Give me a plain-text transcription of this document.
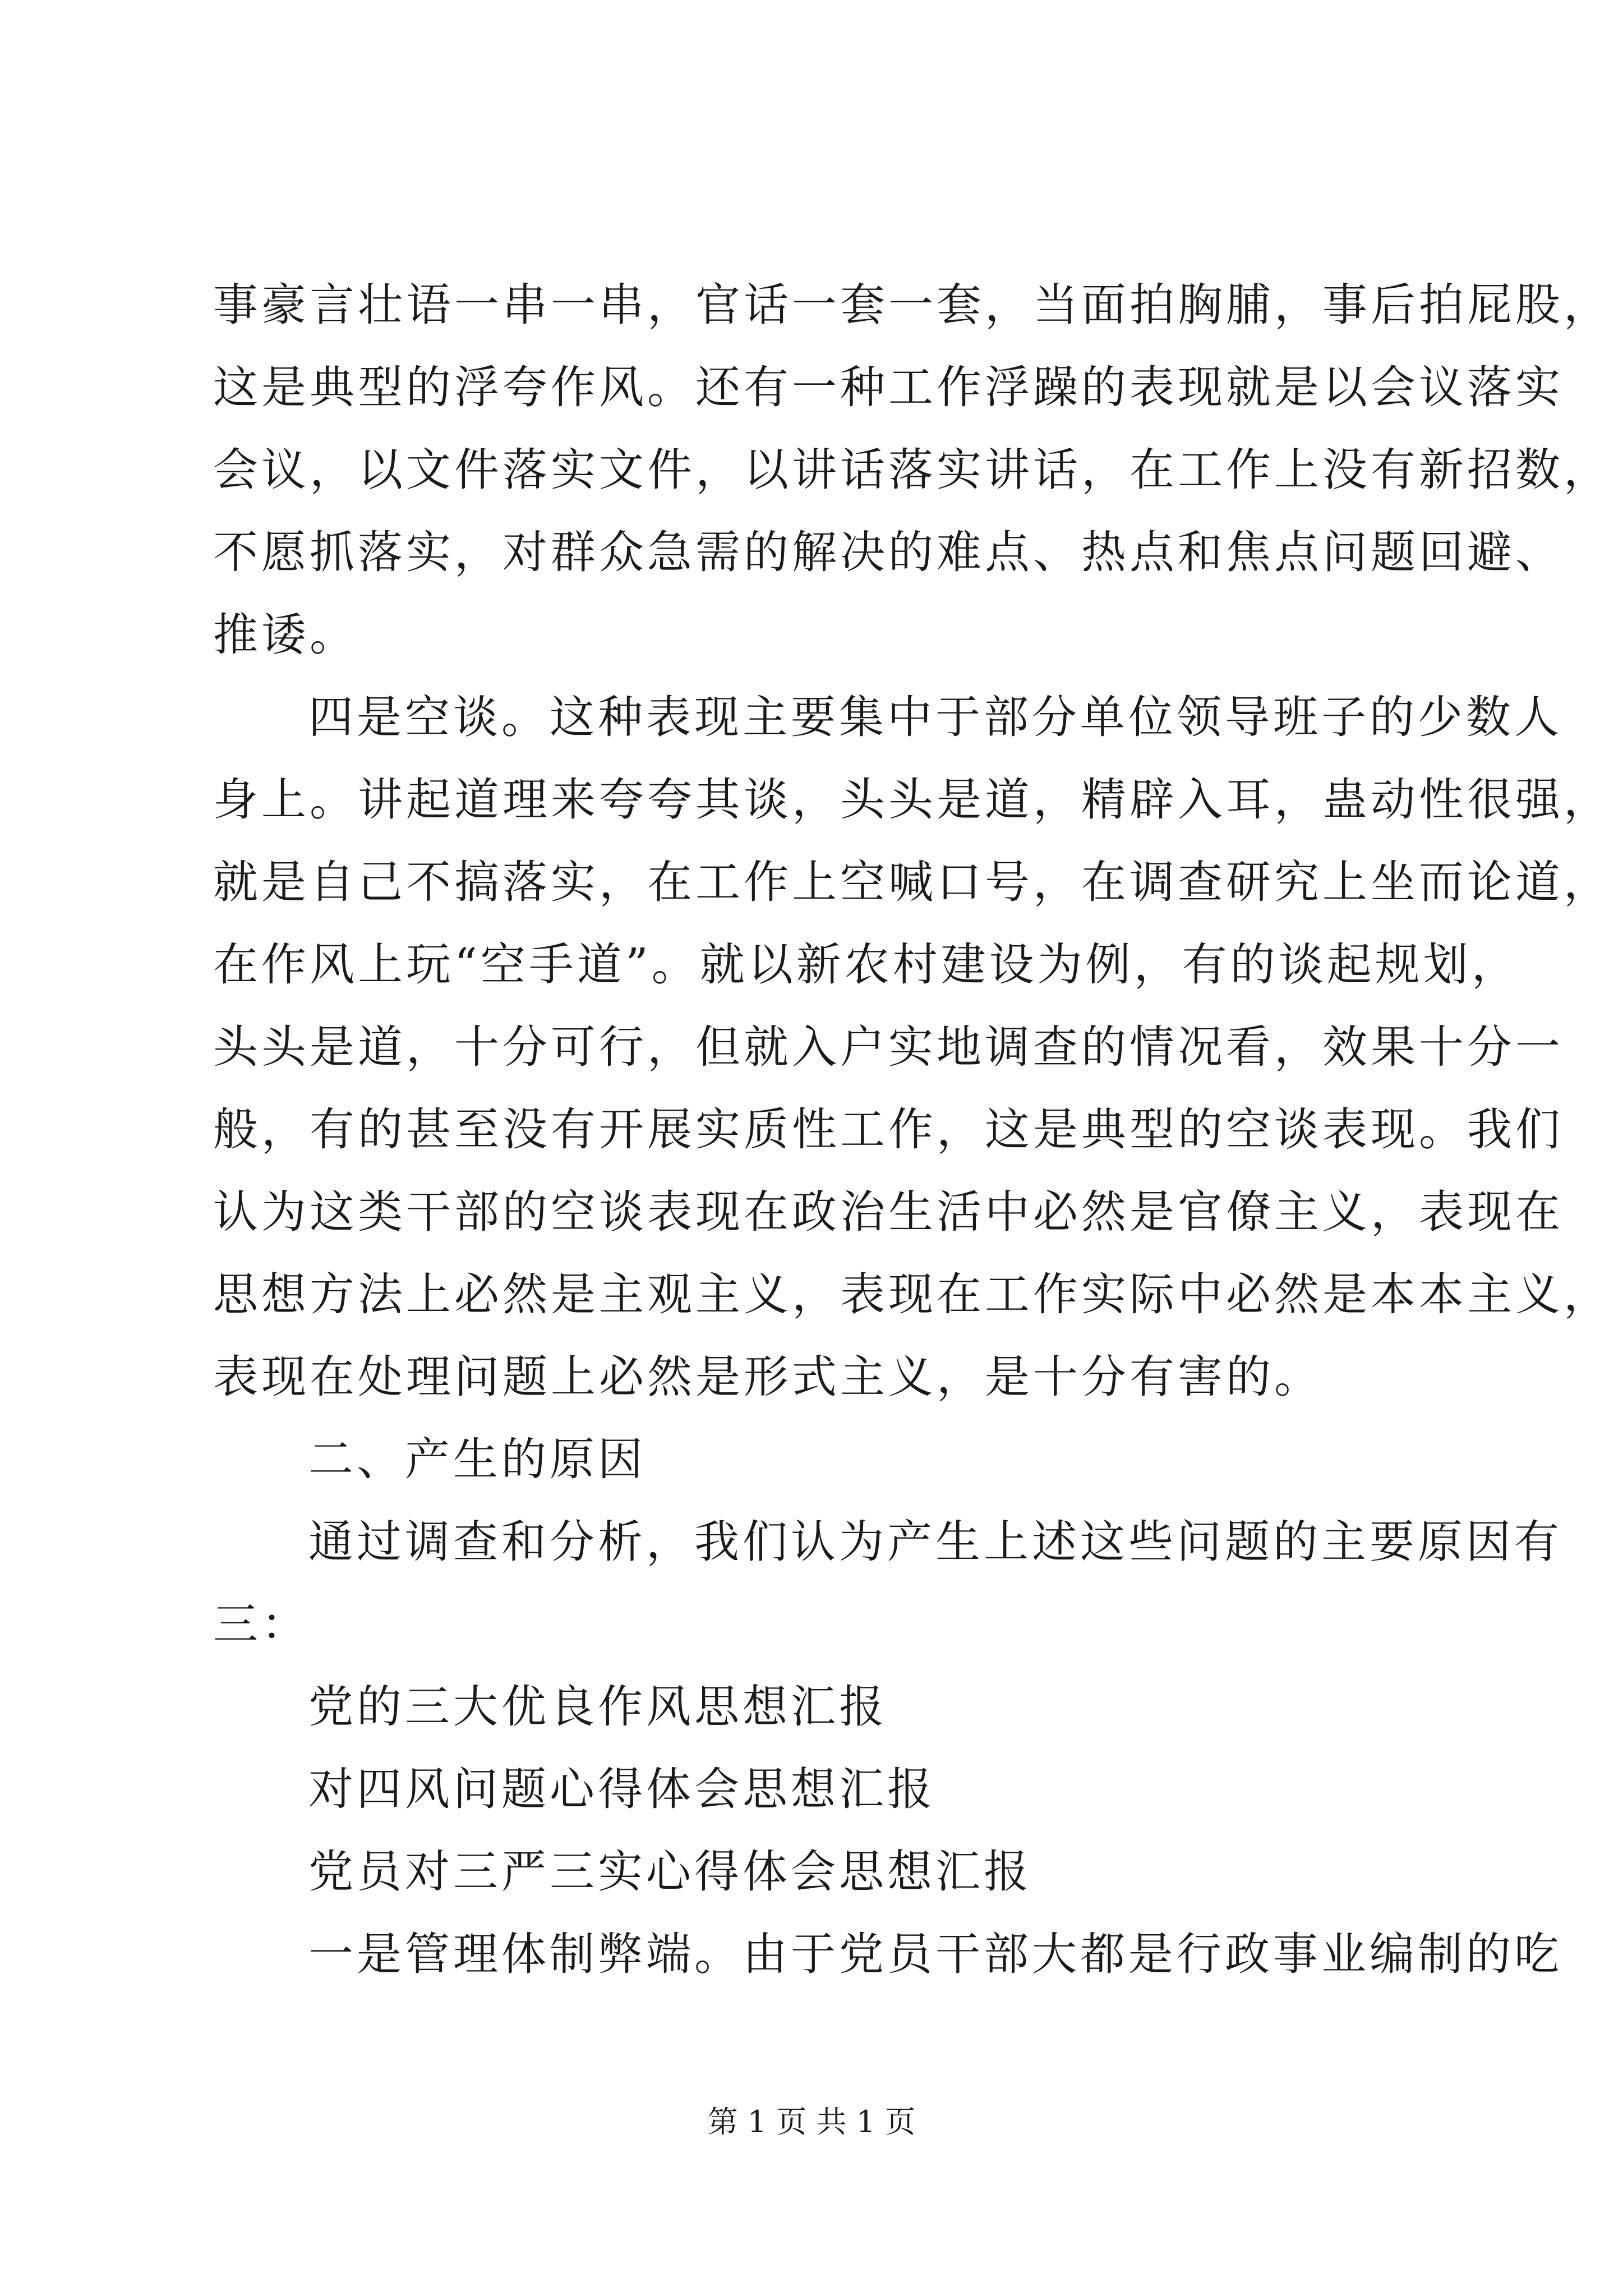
事豪言壮语一串一串，官话一套一套，当面拍胸脯，事后拍屁股，
这是典型的浮夸作风。还有一种工作浮躁的表现就是以会议落实
会议，以文件落实文件，以讲话落实讲话，在工作上没有新招数，
不愿抓落实，对群众急需的解决的难点、热点和焦点问题回避、
推诿。
四是空谈。这种表现主要集中于部分单位领导班子的少数人
身上。讲起道理来夸夸其谈，头头是道，精辟入耳，蛊动性很强，
就是自己不搞落实，在工作上空喊口号，在调查研究上坐而论道，
在作风上玩“空手道”。就以新农村建设为例，有的谈起规划，
头头是道，十分可行，但就入户实地调查的情况看，效果十分一
般，有的甚至没有开展实质性工作，这是典型的空谈表现。我们
认为这类干部的空谈表现在政治生活中必然是官僚主义，表现在
思想方法上必然是主观主义，表现在工作实际中必然是本本主义，
表现在处理问题上必然是形式主义，是十分有害的。
二、产生的原因
通过调查和分析，我们认为产生上述这些问题的主要原因有
三：
党的三大优良作风思想汇报
对四风问题心得体会思想汇报
党员对三严三实心得体会思想汇报
一是管理体制弊端。由于党员干部大都是行政事业编制的吃
第 1 页 共 1 页
